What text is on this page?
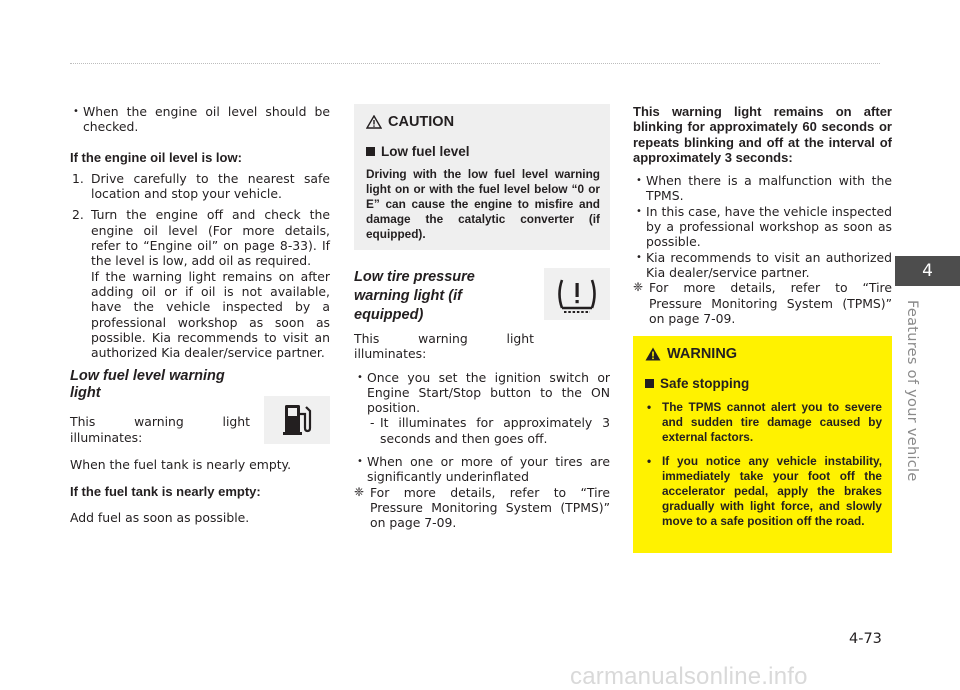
• When the engine oil level should be checked.
If the engine oil level is low:
1. Drive carefully to the nearest safe location and stop your vehicle.
2. Turn the engine off and check the engine oil level (For more details, refer to “Engine oil” on page 8-33). If the level is low, add oil as required.
If the warning light remains on after adding oil or if oil is not available, have the vehicle inspected by a professional workshop as soon as possible. Kia recommends to visit an authorized Kia dealer/service partner.
Low fuel level warning light
This warning light illuminates:
When the fuel tank is nearly empty.
If the fuel tank is nearly empty:
Add fuel as soon as possible.
CAUTION
Low fuel level
Driving with the low fuel level warning light on or with the fuel level below “0 or E” can cause the engine to misfire and damage the catalytic converter (if equipped).
Low tire pressure warning light (if equipped)
This warning light illuminates:
• Once you set the ignition switch or Engine Start/Stop button to the ON position.
- It illuminates for approximately 3 seconds and then goes off.
• When one or more of your tires are significantly underinflated
❈ For more details, refer to “Tire Pressure Monitoring System (TPMS)” on page 7-09.
This warning light remains on after blinking for approximately 60 seconds or repeats blinking and off at the interval of approximately 3 seconds:
• When there is a malfunction with the TPMS.
• In this case, have the vehicle inspected by a professional workshop as soon as possible.
• Kia recommends to visit an authorized Kia dealer/service partner.
❈ For more details, refer to “Tire Pressure Monitoring System (TPMS)” on page 7-09.
WARNING
Safe stopping
• The TPMS cannot alert you to severe and sudden tire damage caused by external factors.
• If you notice any vehicle instability, immediately take your foot off the accelerator pedal, apply the brakes gradually with light force, and slowly move to a safe position off the road.
4
Features of your vehicle
4-73
carmanualsonline.info
